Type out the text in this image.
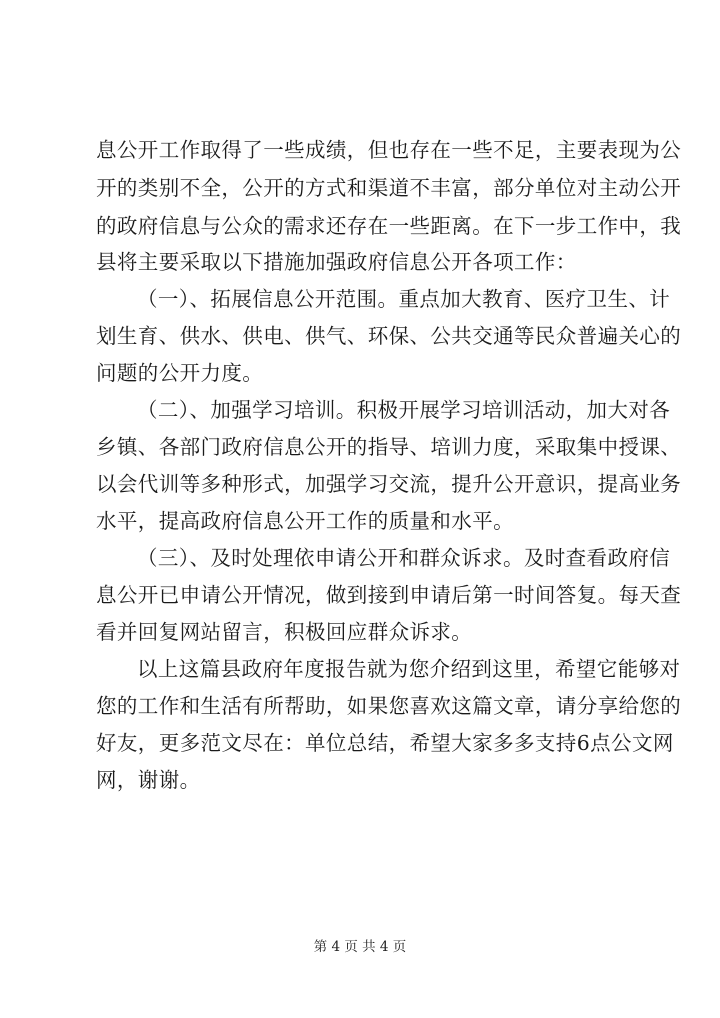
息公开工作取得了一些成绩，但也存在一些不足，主要表现为公
开的类别不全，公开的方式和渠道不丰富，部分单位对主动公开
的政府信息与公众的需求还存在一些距离。在下一步工作中，我
县将主要采取以下措施加强政府信息公开各项工作：
（一）、拓展信息公开范围。重点加大教育、医疗卫生、计
划生育、供水、供电、供气、环保、公共交通等民众普遍关心的
问题的公开力度。
（二）、加强学习培训。积极开展学习培训活动，加大对各
乡镇、各部门政府信息公开的指导、培训力度，采取集中授课、
以会代训等多种形式，加强学习交流，提升公开意识，提高业务
水平，提高政府信息公开工作的质量和水平。
（三）、及时处理依申请公开和群众诉求。及时查看政府信
息公开已申请公开情况，做到接到申请后第一时间答复。每天查
看并回复网站留言，积极回应群众诉求。
以上这篇县政府年度报告就为您介绍到这里，希望它能够对
您的工作和生活有所帮助，如果您喜欢这篇文章，请分享给您的
好友，更多范文尽在：单位总结，希望大家多多支持6点公文网
网，谢谢。
第 4 页 共 4 页
